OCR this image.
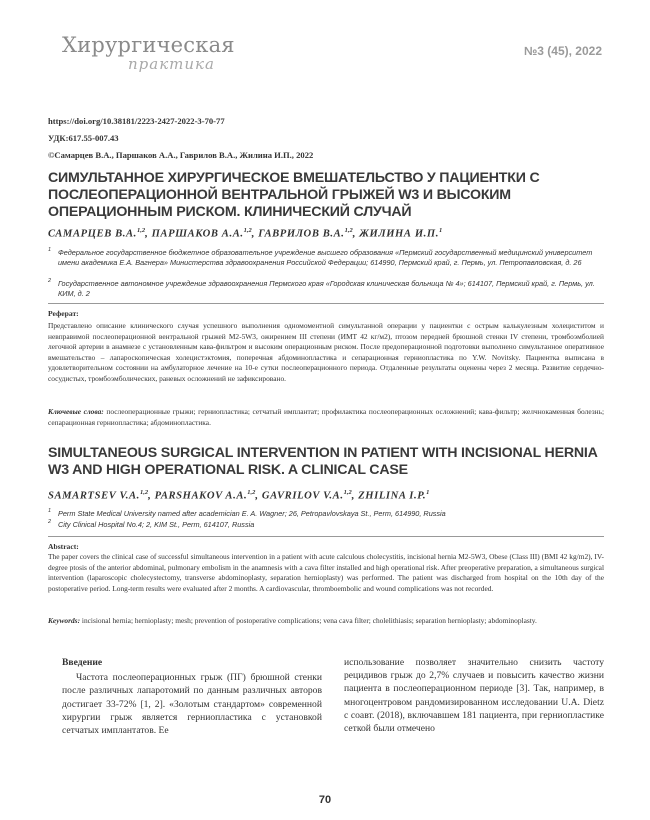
Хирургическая
практика
№3 (45), 2022
https://doi.org/10.38181/2223-2427-2022-3-70-77
УДК:617.55-007.43
©Самарцев В.А., Паршаков А.А., Гаврилов В.А., Жилина И.П., 2022
СИМУЛЬТАННОЕ ХИРУРГИЧЕСКОЕ ВМЕШАТЕЛЬСТВО У ПАЦИЕНТКИ С ПОСЛЕОПЕРАЦИОННОЙ ВЕНТРАЛЬНОЙ ГРЫЖЕЙ W3 И ВЫСОКИМ ОПЕРАЦИОННЫМ РИСКОМ. КЛИНИЧЕСКИЙ СЛУЧАЙ
САМАРЦЕВ В.А.$^{1,2}$, ПАРШАКОВ А.А.$^{1,2}$, ГАВРИЛОВ В.А.$^{1,2}$, ЖИЛИНА И.П.$^1$
1 Федеральное государственное бюджетное образовательное учреждение высшего образования «Пермский государственный медицинский университет имени академика Е.А. Вагнера» Министерства здравоохранения Российской Федерации; 614990, Пермский край, г. Пермь, ул. Петропавловская, д. 26
2 Государственное автономное учреждение здравоохранения Пермского края «Городская клиническая больница № 4»; 614107, Пермский край, г. Пермь, ул. КИМ, д. 2
Реферат:
Представлено описание клинического случая успешного выполнения одномоментной симультанной операции у пациентки с острым калькулезным холециститом и невправимой послеоперационной вентральной грыжей M2-5W3, ожирением III степени (ИМТ 42 кг/м2), птозом передней брюшной стенки IV степени, тромбоэмболией легочной артерии в анамнезе с установленным кава-фильтром и высоким операционным риском. После предоперационной подготовки выполнено симультанное оперативное вмешательство – лапароскопическая холецистэктомия, поперечная абдоминопластика и сепарационная герниопластика по Y.W. Novitsky. Пациентка выписана в удовлетворительном состоянии на амбулаторное лечение на 10-е сутки послеоперационного периода. Отдаленные результаты оценены через 2 месяца. Развитие сердечно-сосудистых, тромбоэмболических, раневых осложнений не зафиксировано.
Ключевые слова: послеоперационные грыжи; герниопластика; сетчатый имплантат; профилактика послеоперационных осложнений; кава-фильтр; желчнокаменная болезнь; сепарационная герниопластика; абдоминопластика.
SIMULTANEOUS SURGICAL INTERVENTION IN PATIENT WITH INCISIONAL HERNIA W3 AND HIGH OPERATIONAL RISK. A CLINICAL CASE
SAMARTSEV V.A.$^{1,2}$, PARSHAKOV A.A.$^{1,2}$, GAVRILOV V.A.$^{1,2}$, ZHILINA I.P.$^1$
1 Perm State Medical University named after academician E. A. Wagner; 26, Petropavlovskaya St., Perm, 614990, Russia
2 City Clinical Hospital No.4; 2, KIM St., Perm, 614107, Russia
Abstract:
The paper covers the clinical case of successful simultaneous intervention in a patient with acute calculous cholecystitis, incisional hernia M2-5W3, Obese (Class III) (BMI 42 kg/m2), IV-degree ptosis of the anterior abdominal, pulmonary embolism in the anamnesis with a cava filter installed and high operational risk. After preoperative preparation, a simultaneous surgical intervention (laparoscopic cholecystectomy, transverse abdominoplasty, separation hernioplasty) was performed. The patient was discharged from hospital on the 10th day of the postoperative period. Long-term results were evaluated after 2 months. A cardiovascular, thromboembolic and wound complications was not recorded.
Keywords: incisional hernia; hernioplasty; mesh; prevention of postoperative complications; vena cava filter; cholelithiasis; separation hernioplasty; abdominoplasty.
Введение
Частота послеоперационных грыж (ПГ) брюшной стенки после различных лапаротомий по данным различных авторов достигает 33-72% [1, 2]. «Золотым стандартом» современной хирургии грыж является герниопластика с установкой сетчатых имплантатов. Ее
использование позволяет значительно снизить частоту рецидивов грыж до 2,7% случаев и повысить качество жизни пациента в послеоперационном периоде [3]. Так, например, в многоцентровом рандомизированном исследовании U.A. Dietz с соавт. (2018), включавшем 181 пациента, при герниопластике сеткой были отмечено
70
